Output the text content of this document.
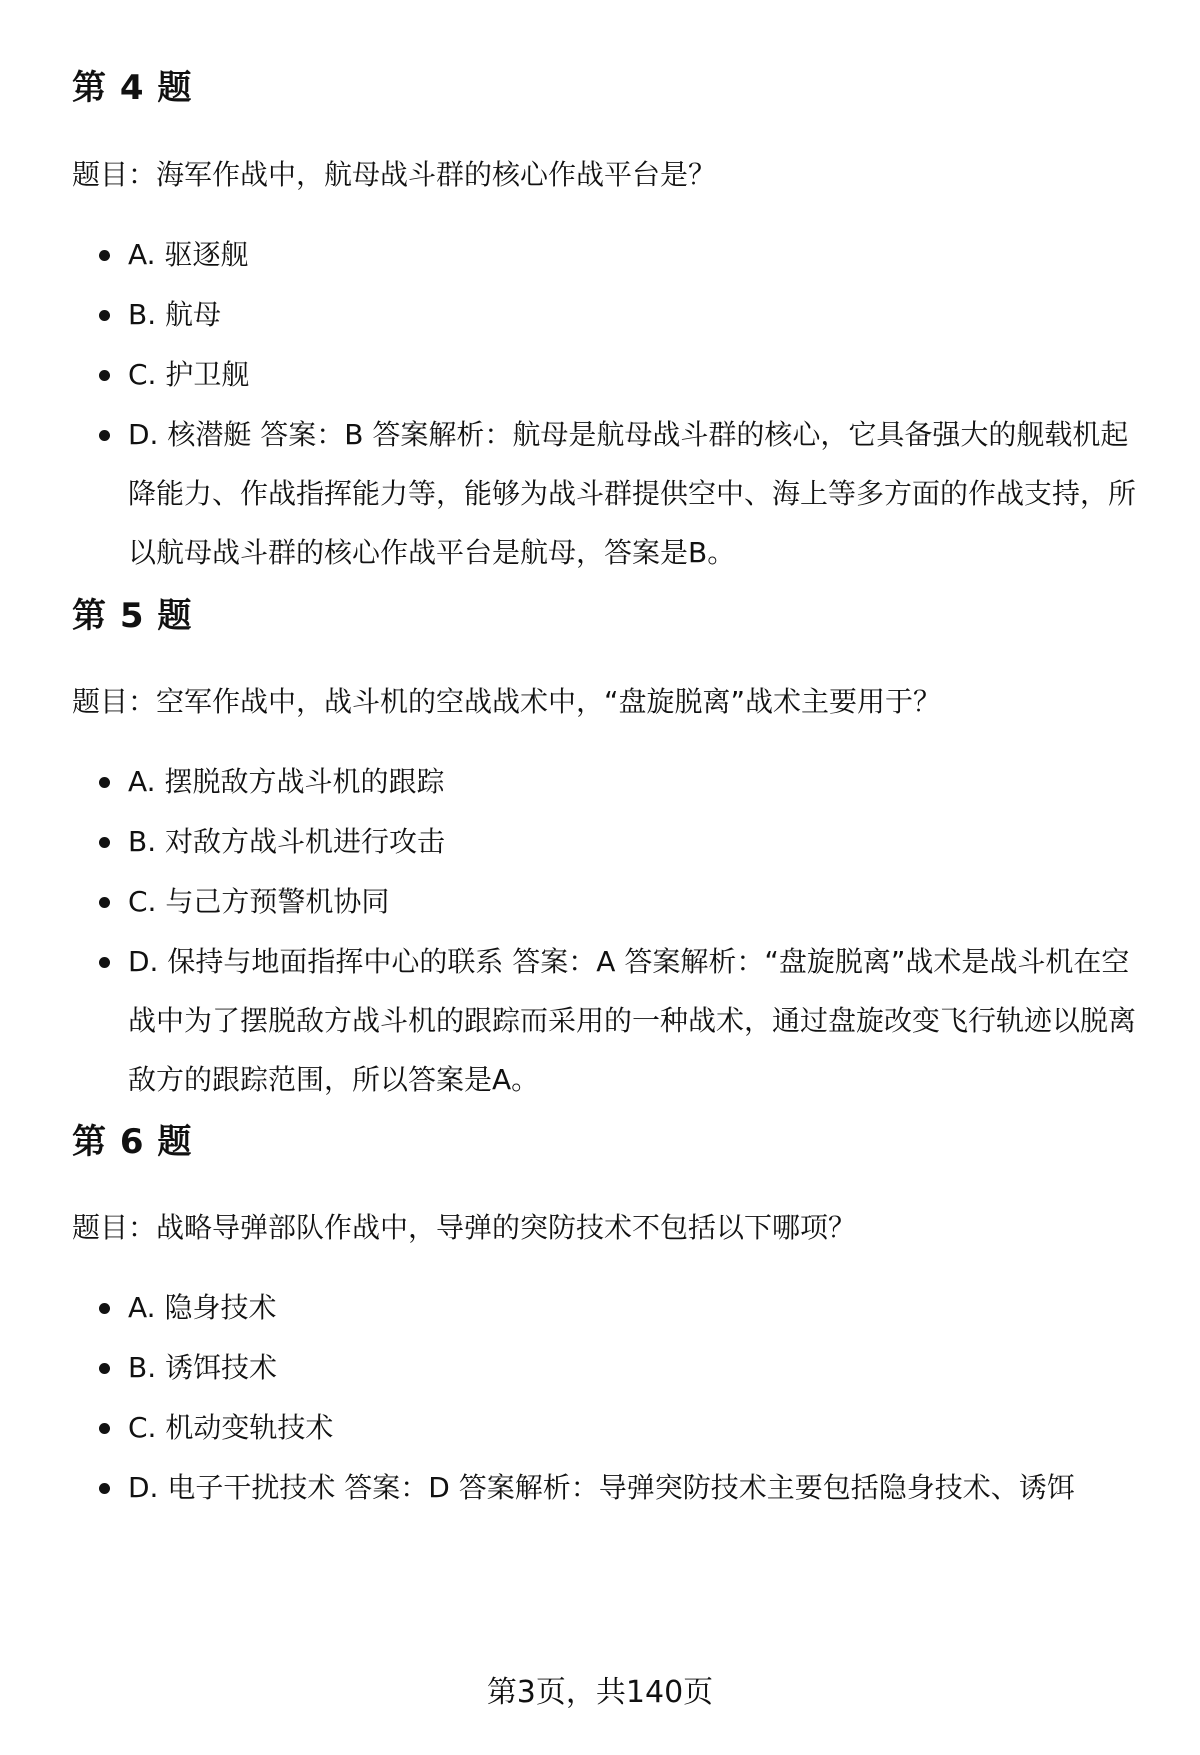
第 4 题

题目：海军作战中，航母战斗群的核心作战平台是？

A. 驱逐舰
B. 航母
C. 护卫舰
D. 核潜艇 答案：B 答案解析：航母是航母战斗群的核心，它具备强大的舰载机起降能力、作战指挥能力等，能够为战斗群提供空中、海上等多方面的作战支持，所以航母战斗群的核心作战平台是航母，答案是B。
第 5 题

题目：空军作战中，战斗机的空战战术中，“盘旋脱离”战术主要用于？

A. 摆脱敌方战斗机的跟踪
B. 对敌方战斗机进行攻击
C. 与己方预警机协同
D. 保持与地面指挥中心的联系 答案：A 答案解析：“盘旋脱离”战术是战斗机在空战中为了摆脱敌方战斗机的跟踪而采用的一种战术，通过盘旋改变飞行轨迹以脱离敌方的跟踪范围，所以答案是A。
第 6 题

题目：战略导弹部队作战中，导弹的突防技术不包括以下哪项？

A. 隐身技术
B. 诱饵技术
C. 机动变轨技术
D. 电子干扰技术 答案：D 答案解析：导弹突防技术主要包括隐身技术、诱饵

第3页，共140页
